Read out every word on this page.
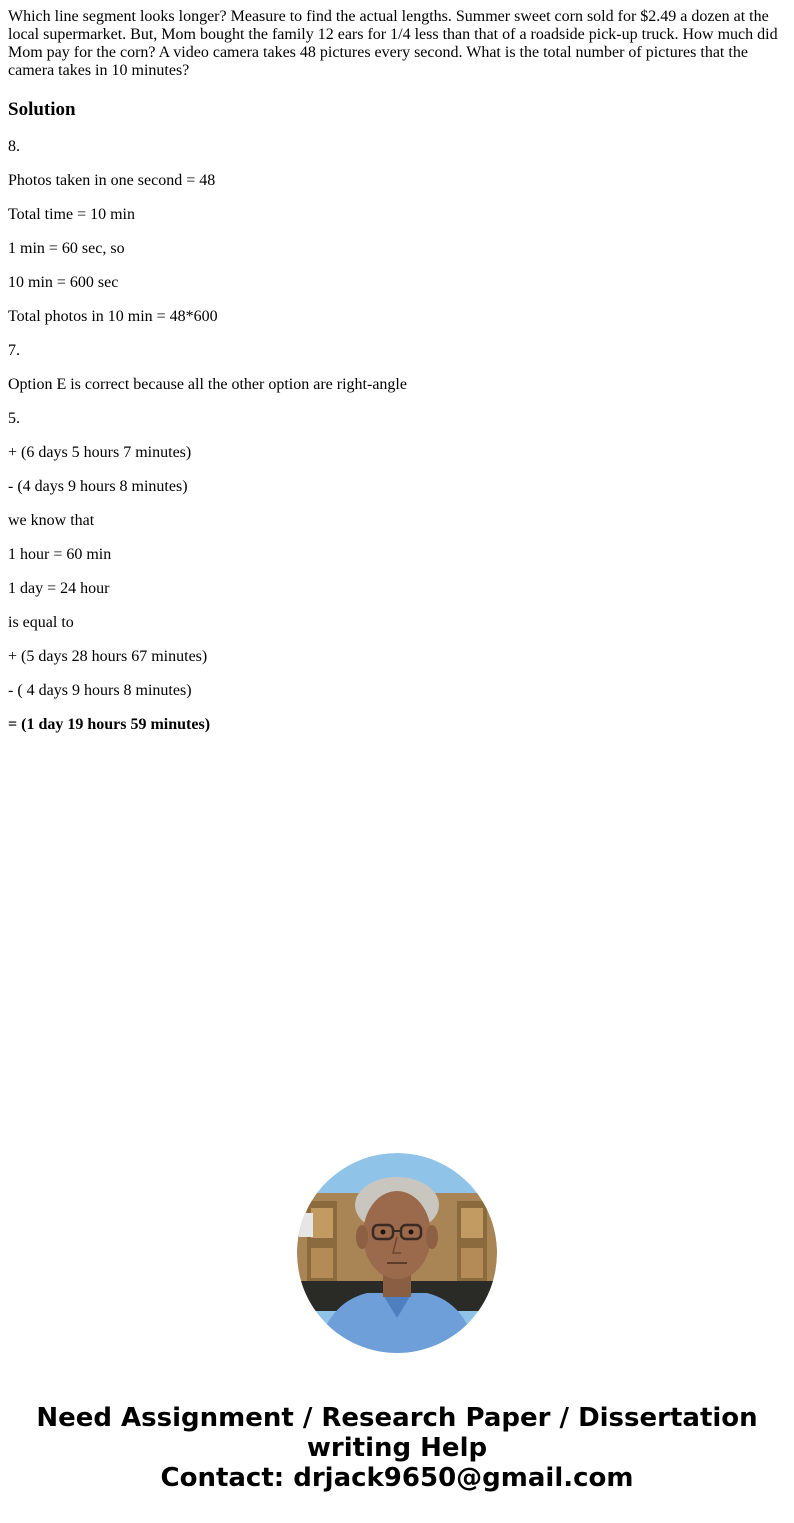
Which line segment looks longer? Measure to find the actual lengths. Summer sweet corn sold for $2.49 a dozen at the local supermarket. But, Mom bought the family 12 ears for 1/4 less than that of a roadside pick-up truck. How much did Mom pay for the corn? A video camera takes 48 pictures every second. What is the total number of pictures that the camera takes in 10 minutes?

Solution

8.

Photos taken in one second = 48

Total time = 10 min

1 min = 60 sec, so

10 min = 600 sec

Total photos in 10 min = 48*600

7.

Option E is correct because all the other option are right-angle

5.

+ (6 days 5 hours 7 minutes)

- (4 days 9 hours 8 minutes)

we know that

1 hour = 60 min

1 day = 24 hour

is equal to

+ (5 days 28 hours 67 minutes)

- ( 4 days 9 hours 8 minutes)

= (1 day 19 hours 59 minutes)

Need Assignment / Research Paper / Dissertation
writing Help
Contact: drjack9650@gmail.com
